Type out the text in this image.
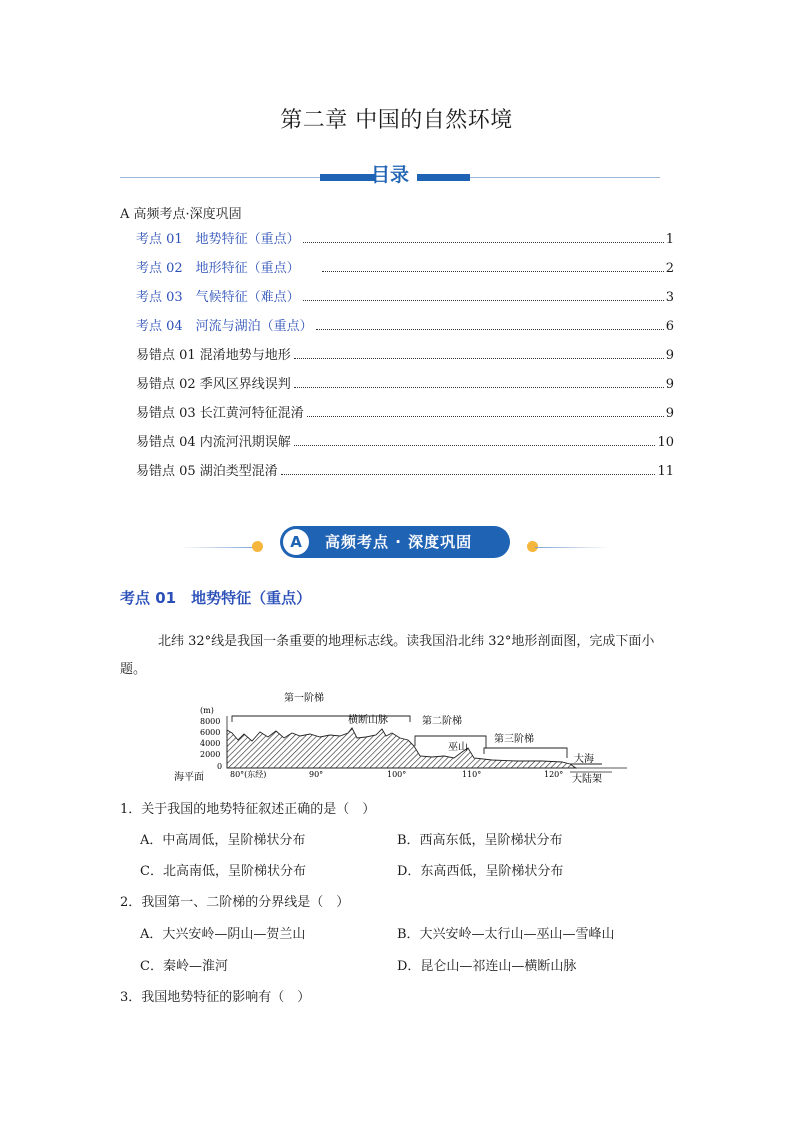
第二章 中国的自然环境
目录
A 高频考点·深度巩固
考点 01　地势特征（重点）	1
考点 02　地形特征（重点）	2
考点 03　气候特征（难点）	3
考点 04　河流与湖泊（重点）	6
易错点 01 混淆地势与地形	9
易错点 02 季风区界线误判	9
易错点 03 长江黄河特征混淆	9
易错点 04 内流河汛期误解	10
易错点 05 湖泊类型混淆	11
A	高频考点 · 深度巩固
考点 01　地势特征（重点）
北纬 32°线是我国一条重要的地理标志线。读我国沿北纬 32°地形剖面图，完成下面小题。
(m)
8000
6000
4000
2000
0
海平面
第一阶梯
第二阶梯
第三阶梯
横断山脉
巫山
大海
大陆架
80°(东经)	90°	100°	110°	120°
1．关于我国的地势特征叙述正确的是（　）
A．中高周低，呈阶梯状分布	B．西高东低，呈阶梯状分布
C．北高南低，呈阶梯状分布	D．东高西低，呈阶梯状分布
2．我国第一、二阶梯的分界线是（　）
A．大兴安岭—阴山—贺兰山	B．大兴安岭—太行山—巫山—雪峰山
C．秦岭—淮河	D．昆仑山—祁连山—横断山脉
3．我国地势特征的影响有（　）
